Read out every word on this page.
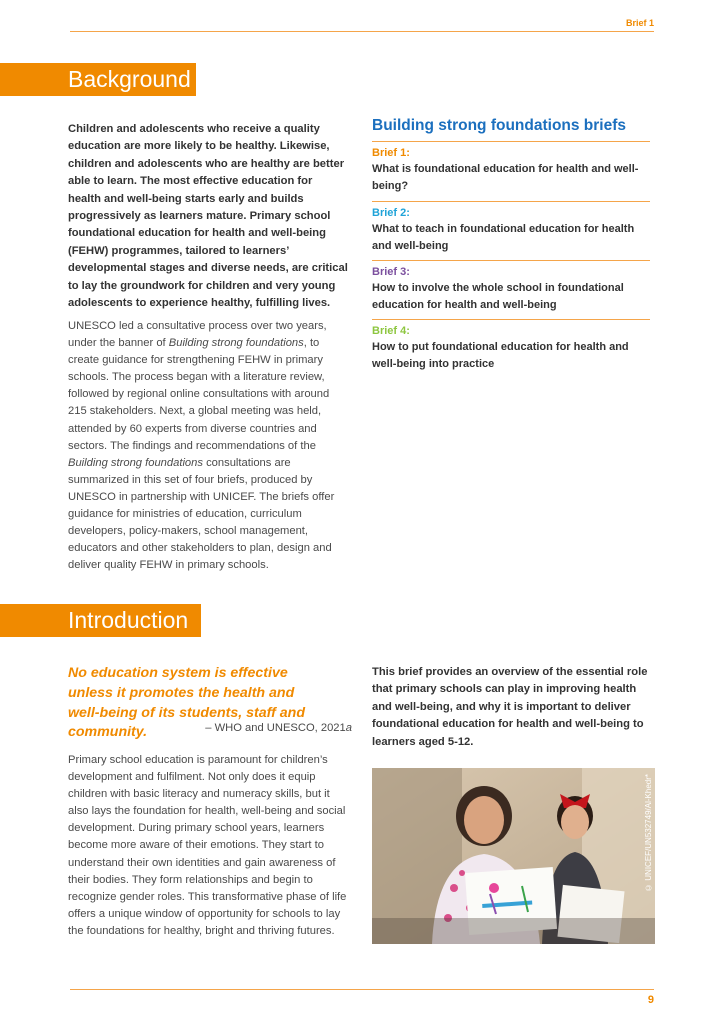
Brief 1
Background

Children and adolescents who receive a quality education are more likely to be healthy. Likewise, children and adolescents who are healthy are better able to learn. The most effective education for health and well-being starts early and builds progressively as learners mature. Primary school foundational education for health and well-being (FEHW) programmes, tailored to learners’ developmental stages and diverse needs, are critical to lay the groundwork for children and very young adolescents to experience healthy, fulfilling lives.

UNESCO led a consultative process over two years, under the banner of Building strong foundations, to create guidance for strengthening FEHW in primary schools. The process began with a literature review, followed by regional online consultations with around 215 stakeholders. Next, a global meeting was held, attended by 60 experts from diverse countries and sectors. The findings and recommendations of the Building strong foundations consultations are summarized in this set of four briefs, produced by UNESCO in partnership with UNICEF. The briefs offer guidance for ministries of education, curriculum developers, policy-makers, school management, educators and other stakeholders to plan, design and deliver quality FEHW in primary schools.

Building strong foundations briefs
Brief 1:
What is foundational education for health and well-being?
Brief 2:
What to teach in foundational education for health and well-being
Brief 3:
How to involve the whole school in foundational education for health and well-being
Brief 4:
How to put foundational education for health and well-being into practice
Introduction

No education system is effective unless it promotes the health and well-being of its students, staff and community.	– WHO and UNESCO, 2021a

Primary school education is paramount for children’s development and fulfilment. Not only does it equip children with basic literacy and numeracy skills, but it also lays the foundation for health, well-being and social development. During primary school years, learners become more aware of their emotions. They start to understand their own identities and gain awareness of their bodies. They form relationships and begin to recognize gender roles. This transformative phase of life offers a unique window of opportunity for schools to lay the foundations for healthy, bright and thriving futures.

This brief provides an overview of the essential role that primary schools can play in improving health and well-being, and why it is important to deliver foundational education for health and well-being to learners aged 5-12.

© UNICEF/UN532749/Al-Khedr*
9
